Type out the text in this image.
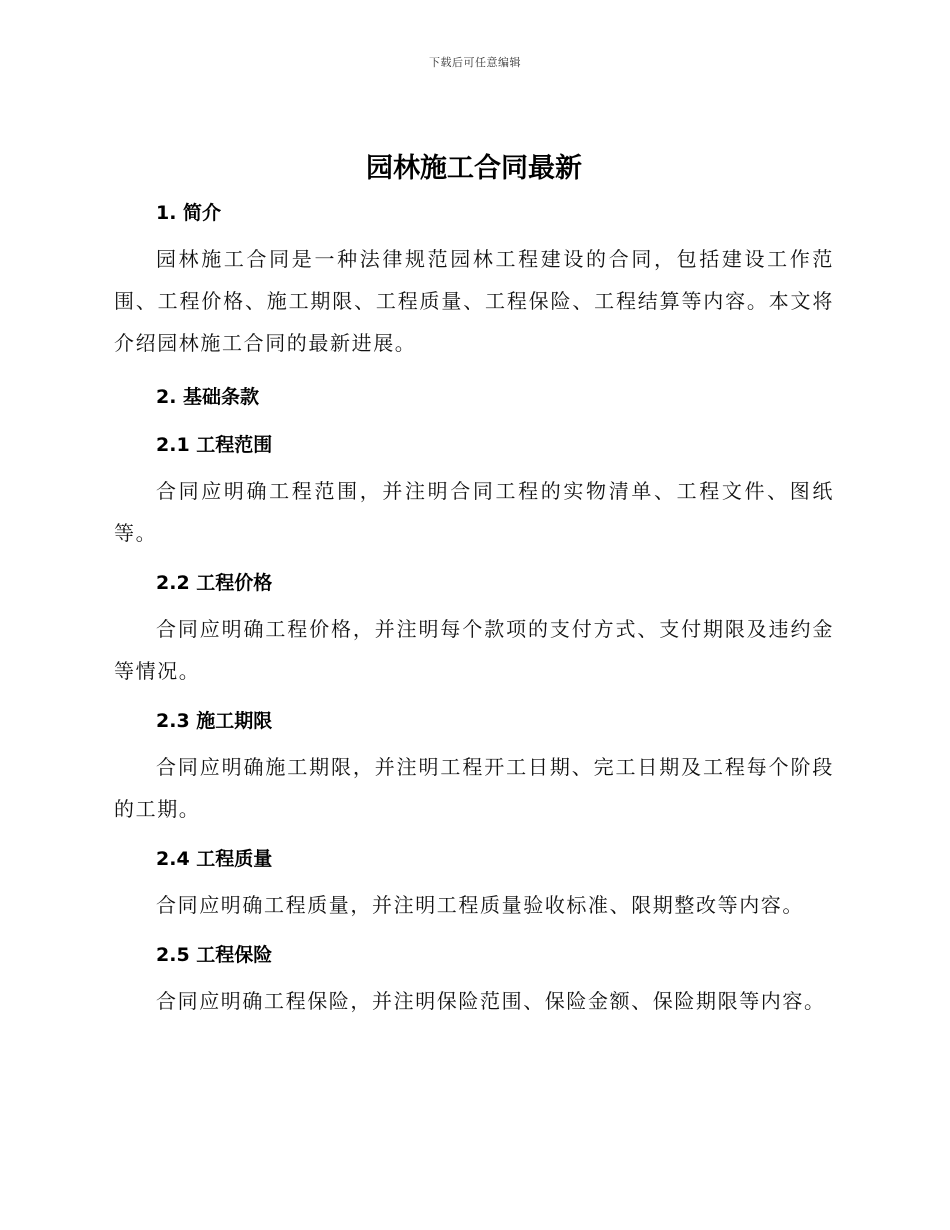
下载后可任意编辑
园林施工合同最新
1. 简介

园林施工合同是一种法律规范园林工程建设的合同，包括建设工作范围、工程价格、施工期限、工程质量、工程保险、工程结算等内容。本文将介绍园林施工合同的最新进展。

2. 基础条款
2.1 工程范围

合同应明确工程范围，并注明合同工程的实物清单、工程文件、图纸等。

2.2 工程价格

合同应明确工程价格，并注明每个款项的支付方式、支付期限及违约金等情况。

2.3 施工期限

合同应明确施工期限，并注明工程开工日期、完工日期及工程每个阶段的工期。

2.4 工程质量

合同应明确工程质量，并注明工程质量验收标准、限期整改等内容。

2.5 工程保险

合同应明确工程保险，并注明保险范围、保险金额、保险期限等内容。
